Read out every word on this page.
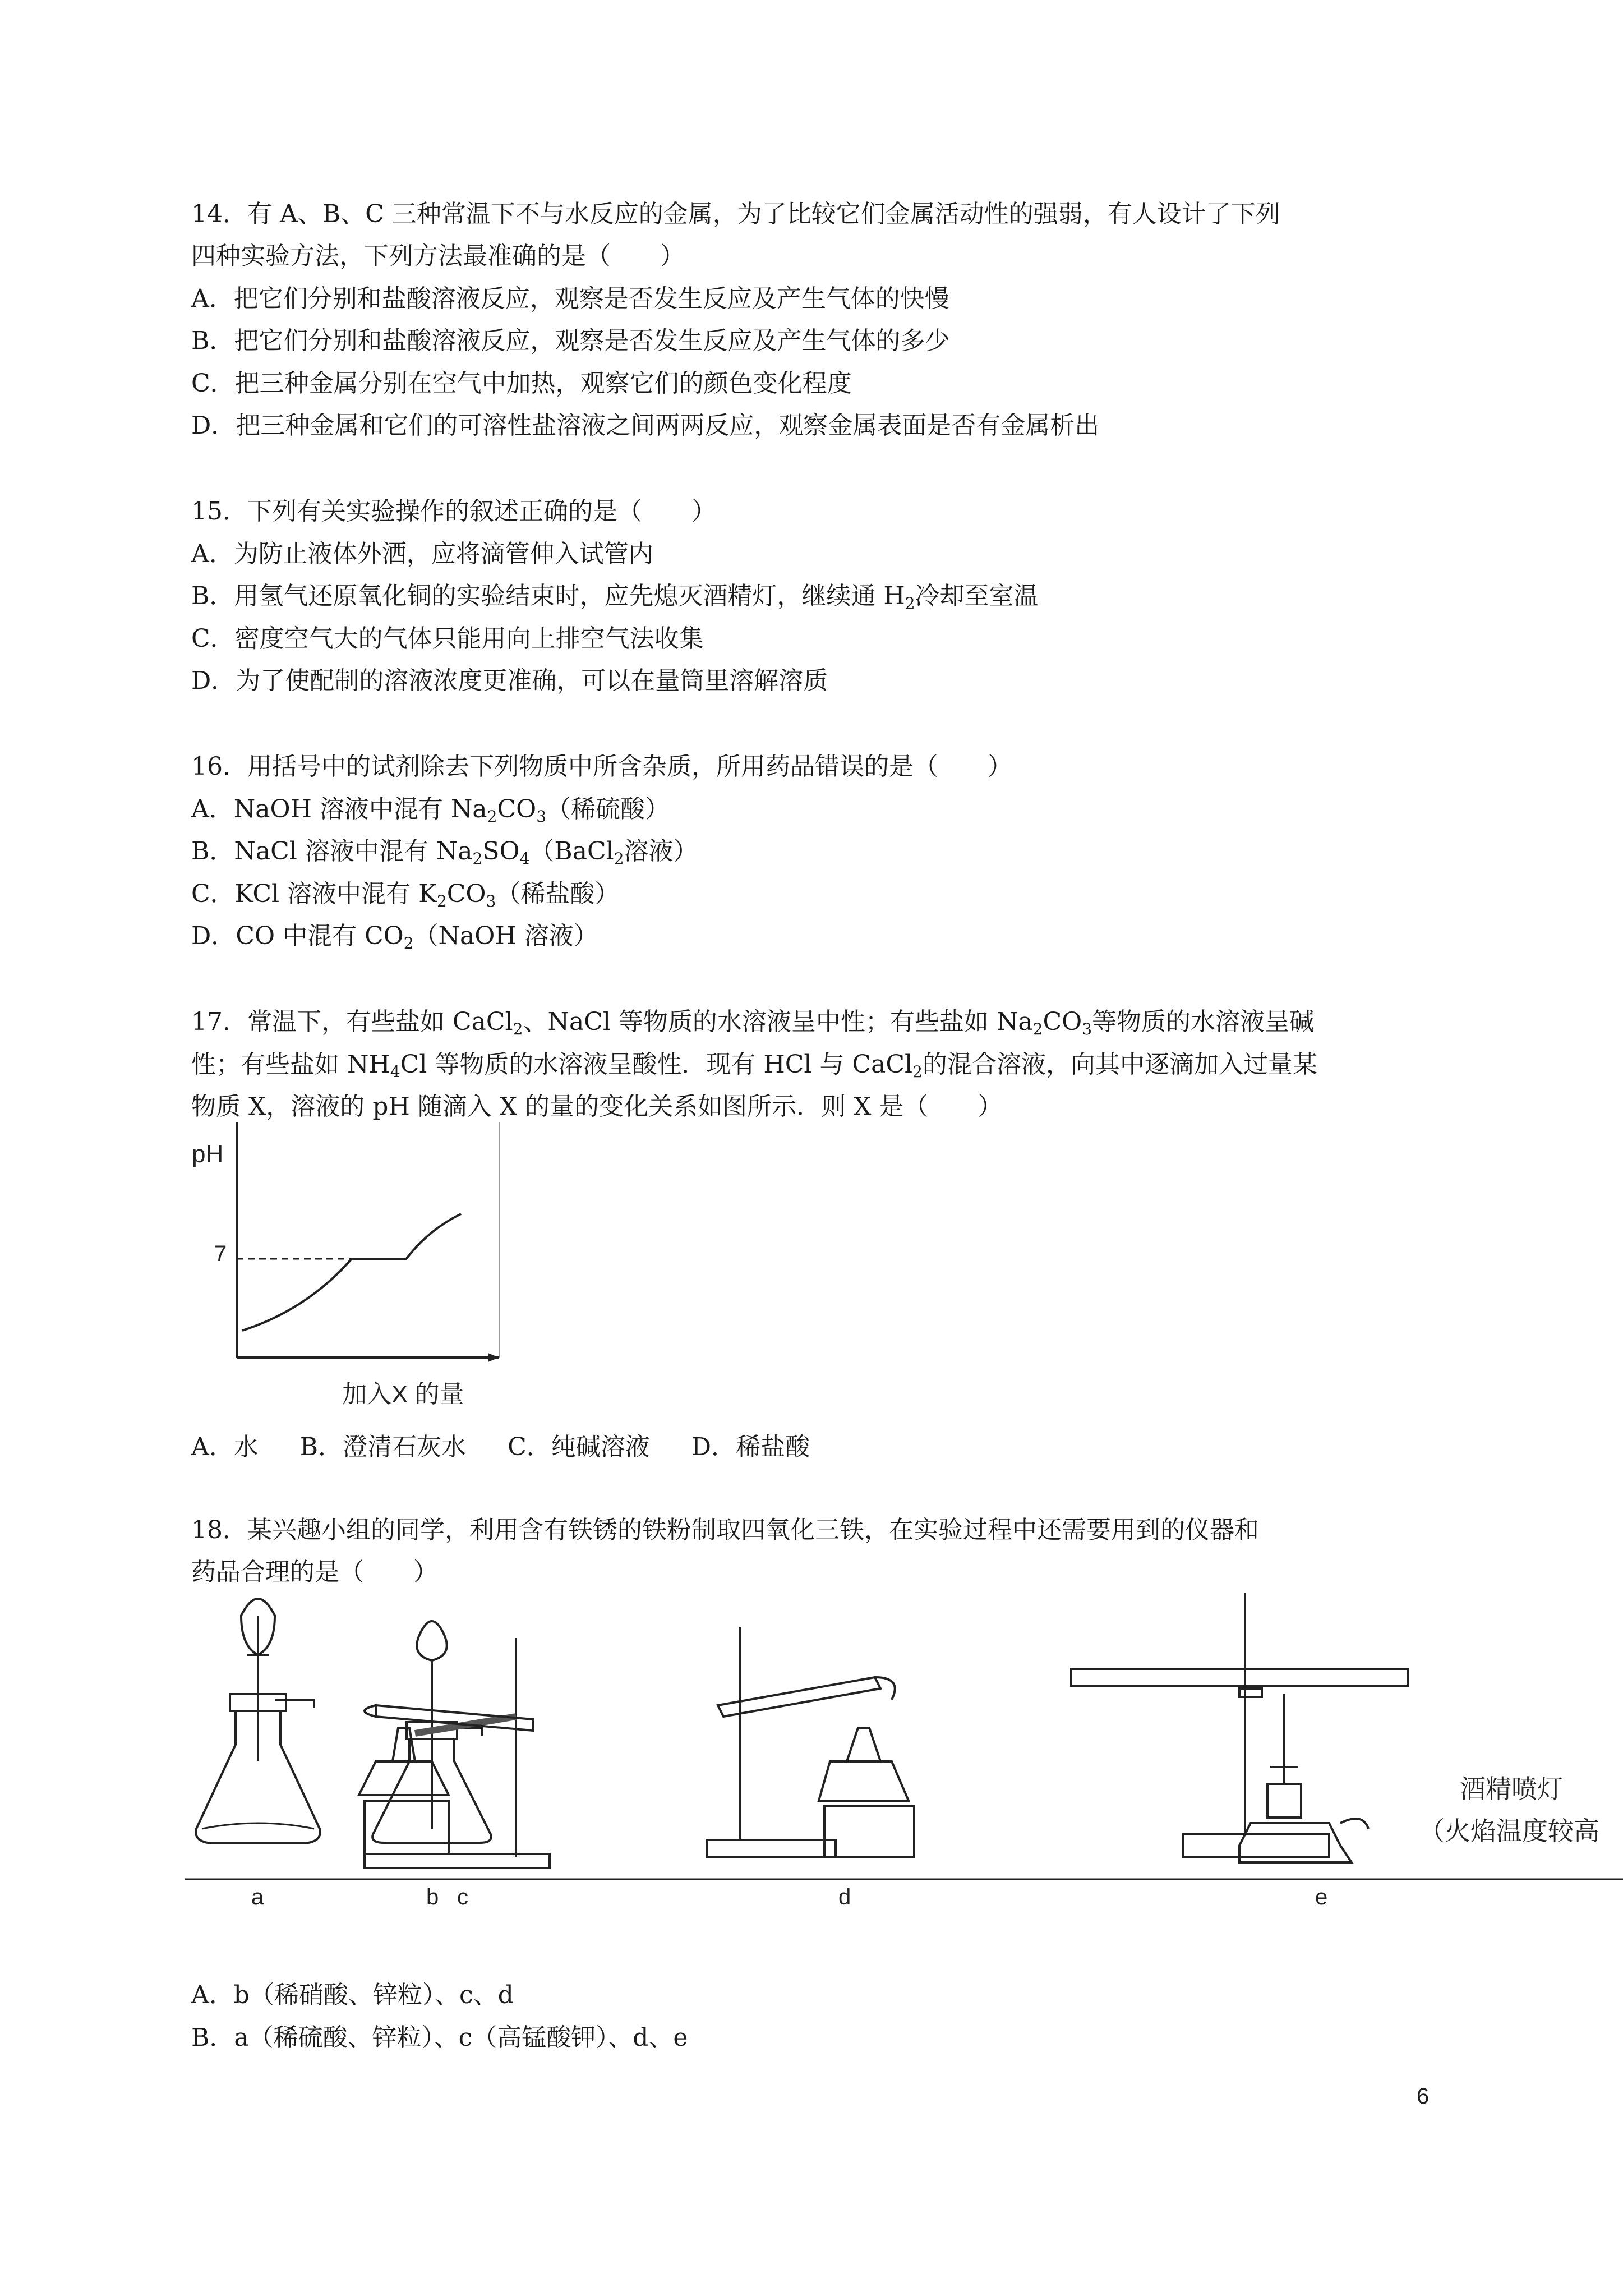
14．有 A、B、C 三种常温下不与水反应的金属，为了比较它们金属活动性的强弱，有人设计了下列
四种实验方法，下列方法最准确的是（　　）
A．把它们分别和盐酸溶液反应，观察是否发生反应及产生气体的快慢
B．把它们分别和盐酸溶液反应，观察是否发生反应及产生气体的多少
C．把三种金属分别在空气中加热，观察它们的颜色变化程度
D．把三种金属和它们的可溶性盐溶液之间两两反应，观察金属表面是否有金属析出
15．下列有关实验操作的叙述正确的是（　　）
A．为防止液体外洒，应将滴管伸入试管内
B．用氢气还原氧化铜的实验结束时，应先熄灭酒精灯，继续通 $H_2$冷却至室温
C．密度空气大的气体只能用向上排空气法收集
D．为了使配制的溶液浓度更准确，可以在量筒里溶解溶质
16．用括号中的试剂除去下列物质中所含杂质，所用药品错误的是（　　）
A．NaOH 溶液中混有 $Na_2CO_3$（稀硫酸）
B．NaCl 溶液中混有 $Na_2SO_4(BaCl_2$溶液）
C．KCl 溶液中混有 $K_2CO_3$（稀盐酸）
D．CO 中混有 $CO_2(NaOH$ 溶液）
17．常温下，有些盐如 CaCl$_2$、NaCl 等物质的水溶液呈中性；有些盐如 $Na_2CO_3$等物质的水溶液呈碱
性；有些盐如 $NH_4Cl$ 等物质的水溶液呈酸性．现有 HCl 与 CaCl$_2$的混合溶液，向其中逐滴加入过量某
物质 X，溶液的 pH 随滴入 X 的量的变化关系如图所示．则 X 是（　　）
pH
7
加入X 的量
A．水 B．澄清石灰水 C．纯碱溶液 D．稀盐酸
18．某兴趣小组的同学，利用含有铁锈的铁粉制取四氧化三铁，在实验过程中还需要用到的仪器和
药品合理的是（　　）
a	b c	d	e
酒精喷灯
（火焰温度较高
A．b（稀硝酸、锌粒）、c、d
B．a（稀硫酸、锌粒）、c（高锰酸钾）、d、e
6
